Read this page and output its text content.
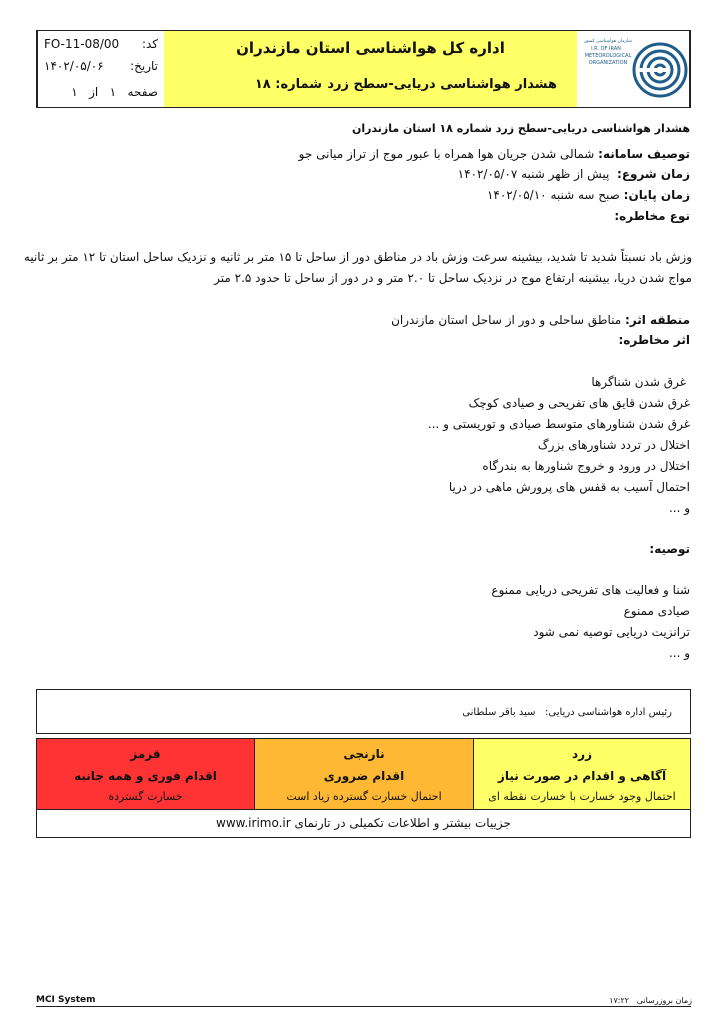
کد:
FO-11-08/00
تاریخ:
۱۴۰۲/۰۵/۰۶
صفحه   ۱   از   ۱
اداره کل هواشناسی استان مازندران
هشدار هواشناسی دریایی-سطح زرد
شماره: ۱۸
سازمان هواشناسی کشور
I.R. OF IRAN
METEOROLOGICAL
ORGANIZATION
هشدار هواشناسی دریایی-سطح زرد شماره ۱۸ استان مازندران
توصیف سامانه: شمالی شدن جریان هوا همراه با عبور موج از تراز میانی جو
زمان شروع:  پیش از ظهر شنبه ۱۴۰۲/۰۵/۰۷
زمان پایان: صبح سه شنبه ۱۴۰۲/۰۵/۱۰
نوع مخاطره:
وزش باد نسبتاً شدید تا شدید، بیشینه سرعت وزش باد در مناطق دور از ساحل تا ۱۵ متر بر ثانیه و نزدیک ساحل استان تا ۱۲ متر بر ثانیه
مواج شدن دریا، بیشینه ارتفاع موج در نزدیک ساحل تا ۲.۰ متر و در دور از ساحل تا حدود ۲.۵ متر
منطقه اثر: مناطق ساحلی و دور از ساحل استان مازندران
اثر مخاطره:
غرق شدن شناگرها
غرق شدن قایق های تفریحی و صیادی کوچک
غرق شدن شناورهای متوسط صیادی و توریستی و ...
اختلال در تردد شناورهای بزرگ
اختلال در ورود و خروج شناورها به بندرگاه
احتمال آسیب به قفس های پرورش ماهی در دریا
و ...
توصیه:
شنا و فعالیت های تفریحی دریایی ممنوع
صیادی ممنوع
ترانزیت دریایی توصیه نمی شود
و ...
رئیس اداره هواشناسی دریایی:   سید باقر سلطانی
قرمز
اقدام فوری و همه جانبه
خسارت گسترده
نارنجی
اقدام ضروری
احتمال خسارت گسترده زیاد است
زرد
آگاهی و اقدام در صورت نیاز
احتمال وجود خسارت با خسارت نقطه ای
جزییات بیشتر و اطلاعات تکمیلی در تارنمای www.irimo.ir
MCI System	زمان بروزرسانی   ۱۷:۲۲
